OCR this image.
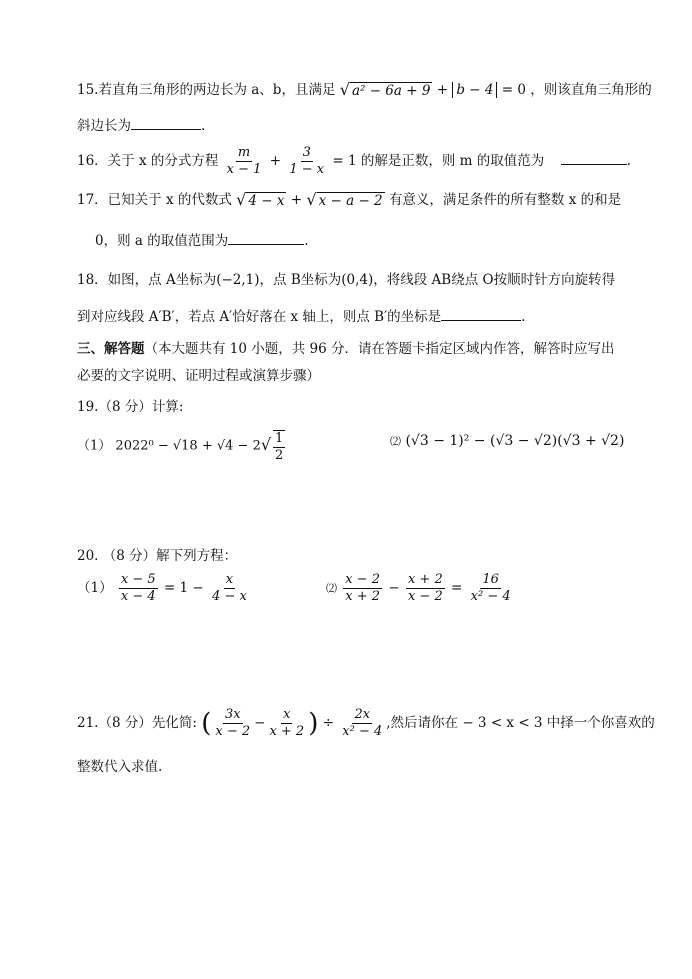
15.若直角三角形的两边长为 a、b，且满足 √ a² − 6a + 9 + b − 4 = 0 ，则该直角三角形的
斜边长为	.
16．关于 x 的分式方程 $\frac{m}{x - 1} + \frac{3}{1 - x} = 1$ 的解是正数，则 m 的取值范为	.
17．已知关于 x 的代数式 √ 4 − x + √ x − a − 2 有意义，满足条件的所有整数 x 的和是
0，则 a 的取值范围为	.
18．如图，点 A坐标为(−2,1)，点 B坐标为(0,4)，将线段 AB绕点 O按顺时针方向旋转得
到对应线段 A′B′，若点 A′恰好落在 x 轴上，则点 B′的坐标是	.
三、解答题（本大题共有 10 小题，共 96 分．请在答题卡指定区域内作答，解答时应写出
必要的文字说明、证明过程或演算步骤）
19.（8 分）计算:
（1） $2022^0 - √18 + √4 - 2√ \frac{1}{2}$	⑵ (√3 − 1)² − (√3 − √2)(√3 + √2)
20. （8 分）解下列方程：
$(1) \frac{x - 5}{x - 4} = 1 - \frac{x}{4 - x}$	⑵ $\frac{x - 2}{x + 2} - \frac{x + 2}{x - 2} = \frac{16}{\text{x² − 4}}$
21.（8 分）先化简: ( $\frac{3x}{x - 2} - \frac{x}{x + 2}$ ) ÷ $\frac{2x}{\text{x² − 4}}$ ,然后请你在 − 3 < x < 3 中择一个你喜欢的
整数代入求值.
